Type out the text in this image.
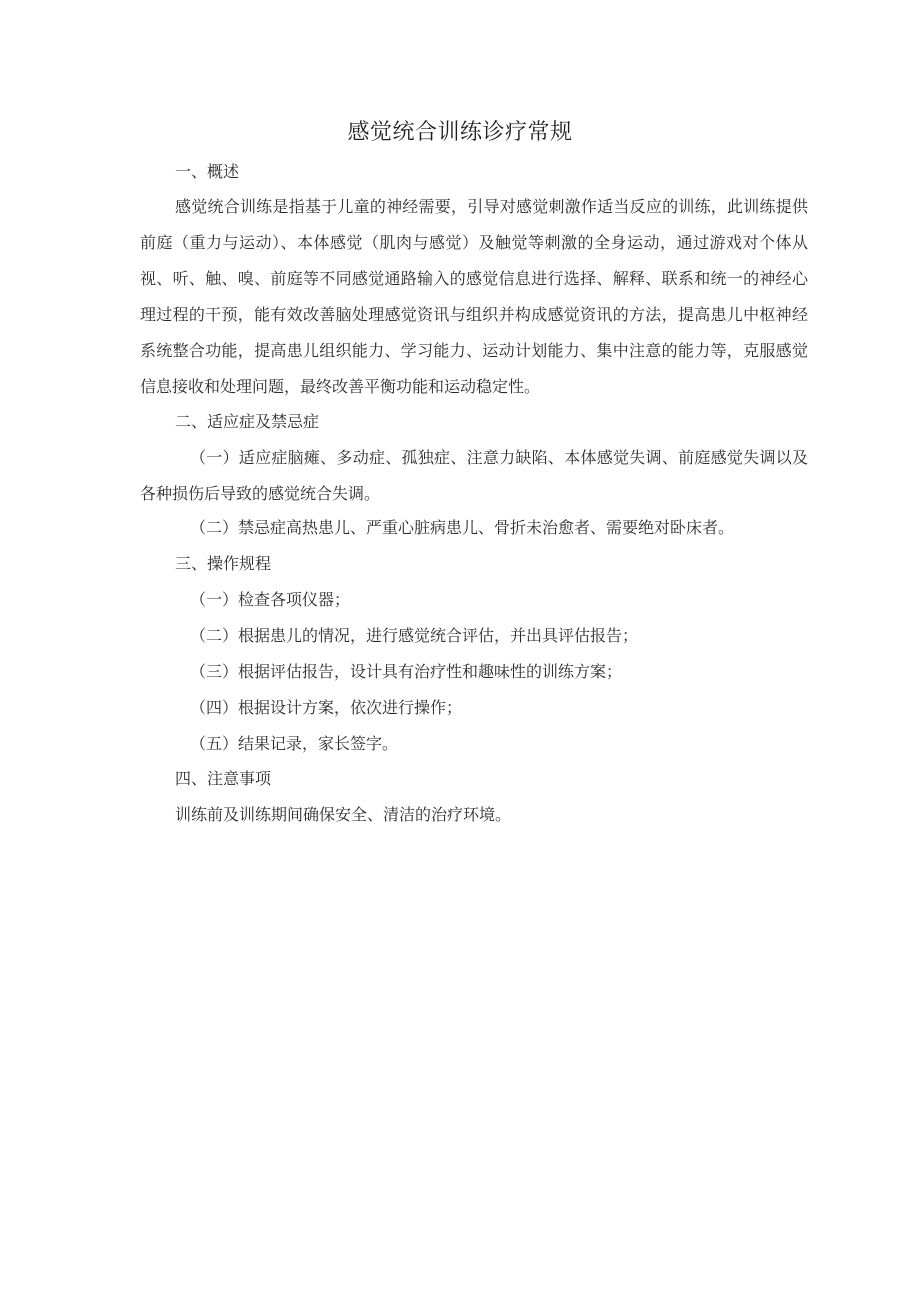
感觉统合训练诊疗常规
一、概述
感觉统合训练是指基于儿童的神经需要，引导对感觉刺激作适当反应的训练，此训练提供前庭（重力与运动）、本体感觉（肌肉与感觉）及触觉等刺激的全身运动，通过游戏对个体从视、听、触、嗅、前庭等不同感觉通路输入的感觉信息进行选择、解释、联系和统一的神经心理过程的干预，能有效改善脑处理感觉资讯与组织并构成感觉资讯的方法，提高患儿中枢神经系统整合功能，提高患儿组织能力、学习能力、运动计划能力、集中注意的能力等，克服感觉信息接收和处理问题，最终改善平衡功能和运动稳定性。
二、适应症及禁忌症
（一）适应症脑瘫、多动症、孤独症、注意力缺陷、本体感觉失调、前庭感觉失调以及各种损伤后导致的感觉统合失调。
（二）禁忌症高热患儿、严重心脏病患儿、骨折未治愈者、需要绝对卧床者。
三、操作规程
（一）检查各项仪器；
（二）根据患儿的情况，进行感觉统合评估，并出具评估报告；
（三）根据评估报告，设计具有治疗性和趣味性的训练方案；
（四）根据设计方案，依次进行操作；
（五）结果记录，家长签字。
四、注意事项
训练前及训练期间确保安全、清洁的治疗环境。
